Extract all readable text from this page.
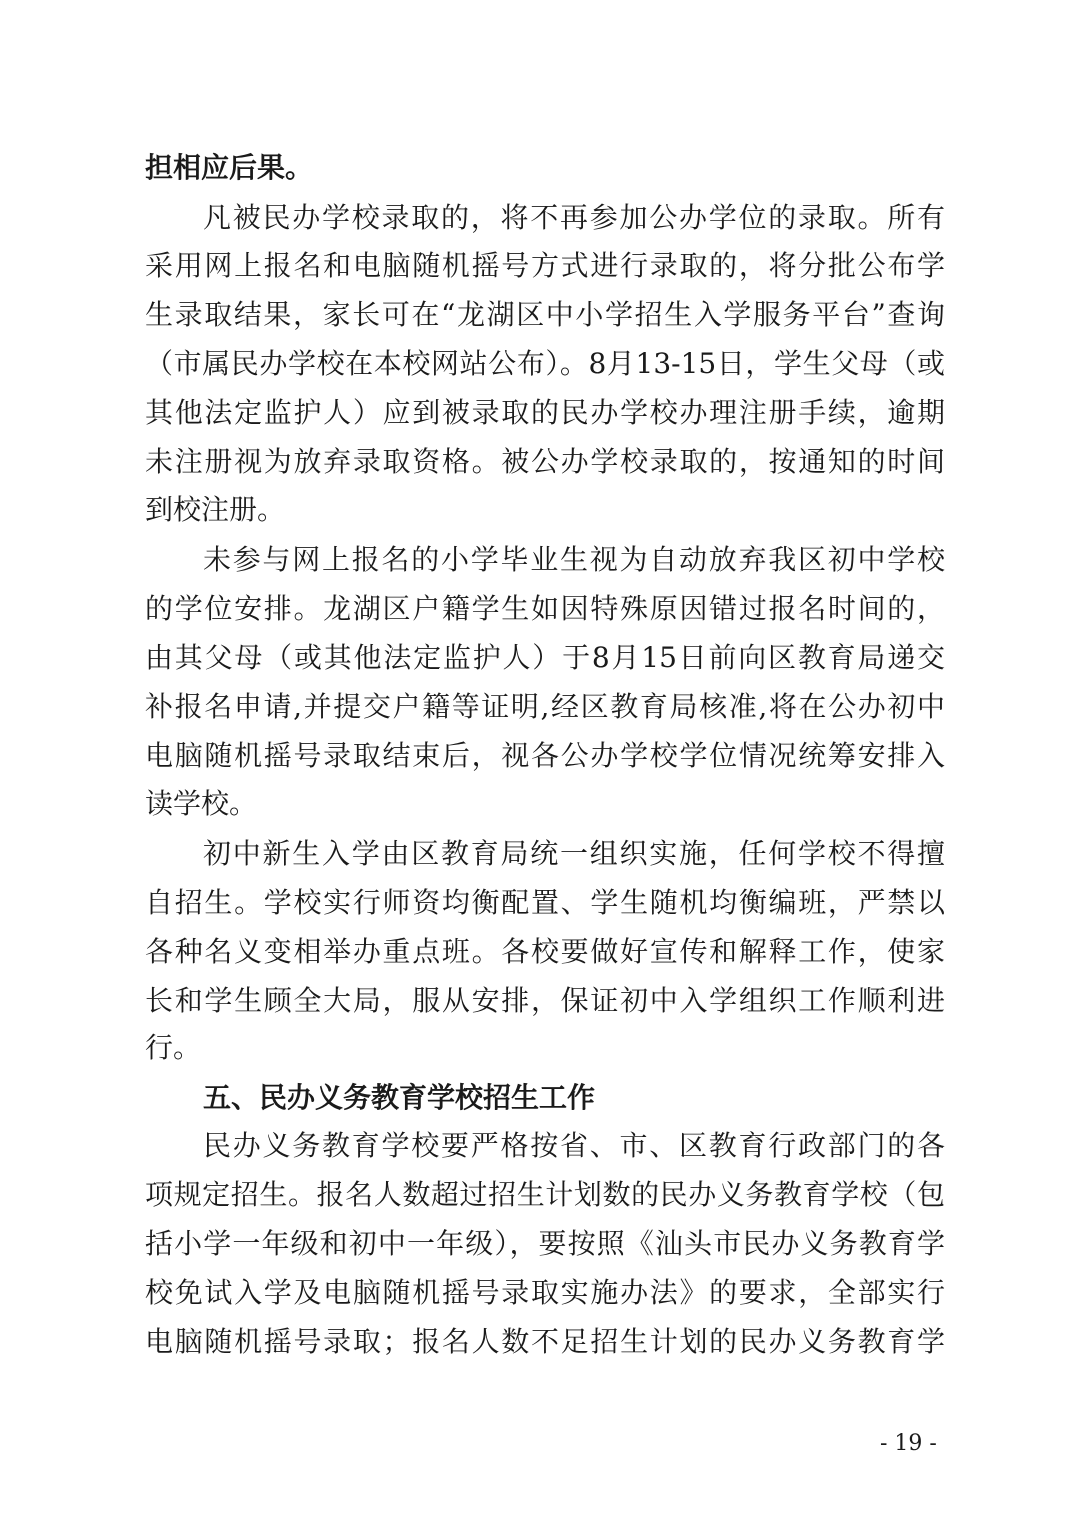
担相应后果。
凡被民办学校录取的，将不再参加公办学位的录取。所有
采用网上报名和电脑随机摇号方式进行录取的，将分批公布学
生录取结果，家长可在“龙湖区中小学招生入学服务平台”查询
（市属民办学校在本校网站公布）。8月13-15日，学生父母（或
其他法定监护人）应到被录取的民办学校办理注册手续，逾期
未注册视为放弃录取资格。被公办学校录取的，按通知的时间
到校注册。
未参与网上报名的小学毕业生视为自动放弃我区初中学校
的学位安排。龙湖区户籍学生如因特殊原因错过报名时间的，
由其父母（或其他法定监护人）于8月15日前向区教育局递交
补报名申请,并提交户籍等证明,经区教育局核准,将在公办初中
电脑随机摇号录取结束后，视各公办学校学位情况统筹安排入
读学校。
初中新生入学由区教育局统一组织实施，任何学校不得擅
自招生。学校实行师资均衡配置、学生随机均衡编班，严禁以
各种名义变相举办重点班。各校要做好宣传和解释工作，使家
长和学生顾全大局，服从安排，保证初中入学组织工作顺利进
行。
五、民办义务教育学校招生工作
民办义务教育学校要严格按省、市、区教育行政部门的各
项规定招生。报名人数超过招生计划数的民办义务教育学校（包
括小学一年级和初中一年级），要按照《汕头市民办义务教育学
校免试入学及电脑随机摇号录取实施办法》的要求，全部实行
电脑随机摇号录取；报名人数不足招生计划的民办义务教育学
- 19 -
